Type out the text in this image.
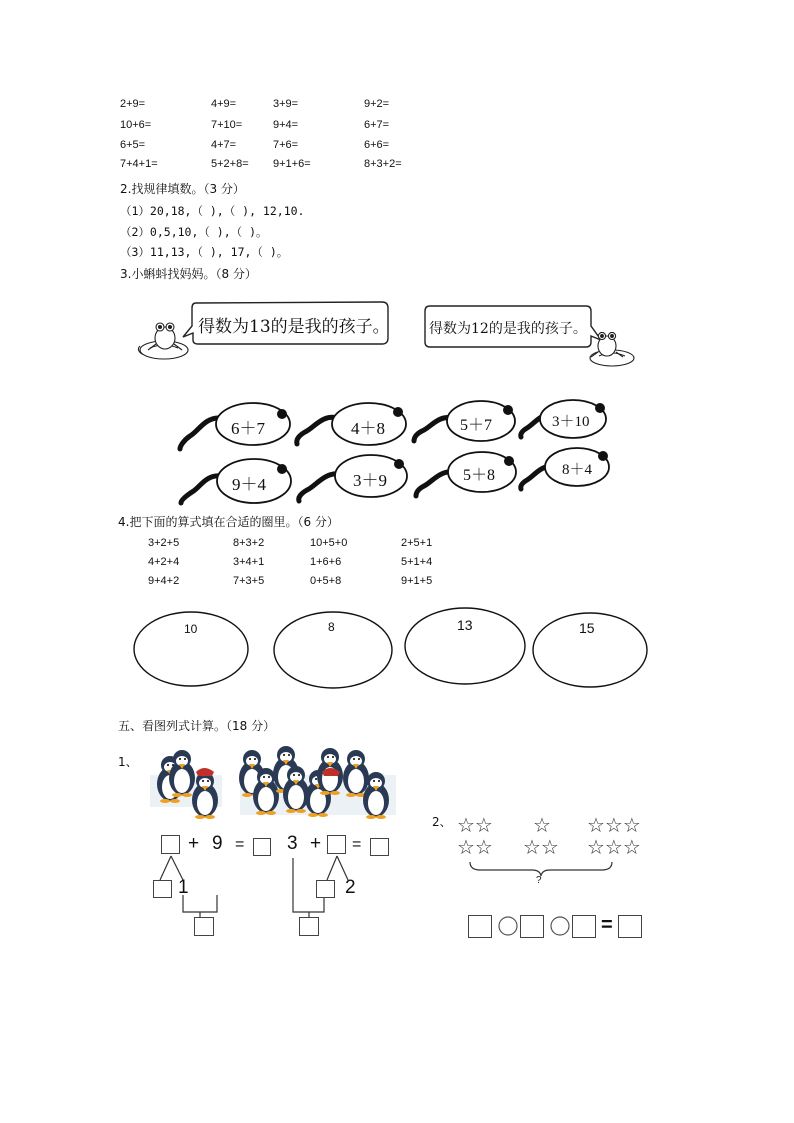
2+9=	4+9=	3+9=	9+2=
10+6=	7+10=	9+4=	6+7=
6+5=	4+7=	7+6=	6+6=
7+4+1=	5+2+8= 9+1+6=	8+3+2=
2.找规律填数。（3 分）
（1）20,18,（ ),（ ), 12,10.
（2）0,5,10,（ ),（ )。
（3）11,13,（ ), 17,（ )。
3.小蝌蚪找妈妈。（8 分）
得数为13的是我的孩子。	得数为12的是我的孩子。
6＋7	4＋8	5＋7	3＋10
9＋4	3＋9	5＋8	8＋4
4.把下面的算式填在合适的圈里。（6 分）
3+2+5	8+3+2	10+5+0	2+5+1
4+2+4	3+4+1	1+6+6	5+1+4
9+4+2	7+3+5	0+5+8	9+1+5
10	8	13	15
五、看图列式计算。（18 分）
1、
+ 9 = 3 + =
1	2
2、 ☆☆
☆☆
☆
☆☆
☆☆☆
☆☆☆
?
=
